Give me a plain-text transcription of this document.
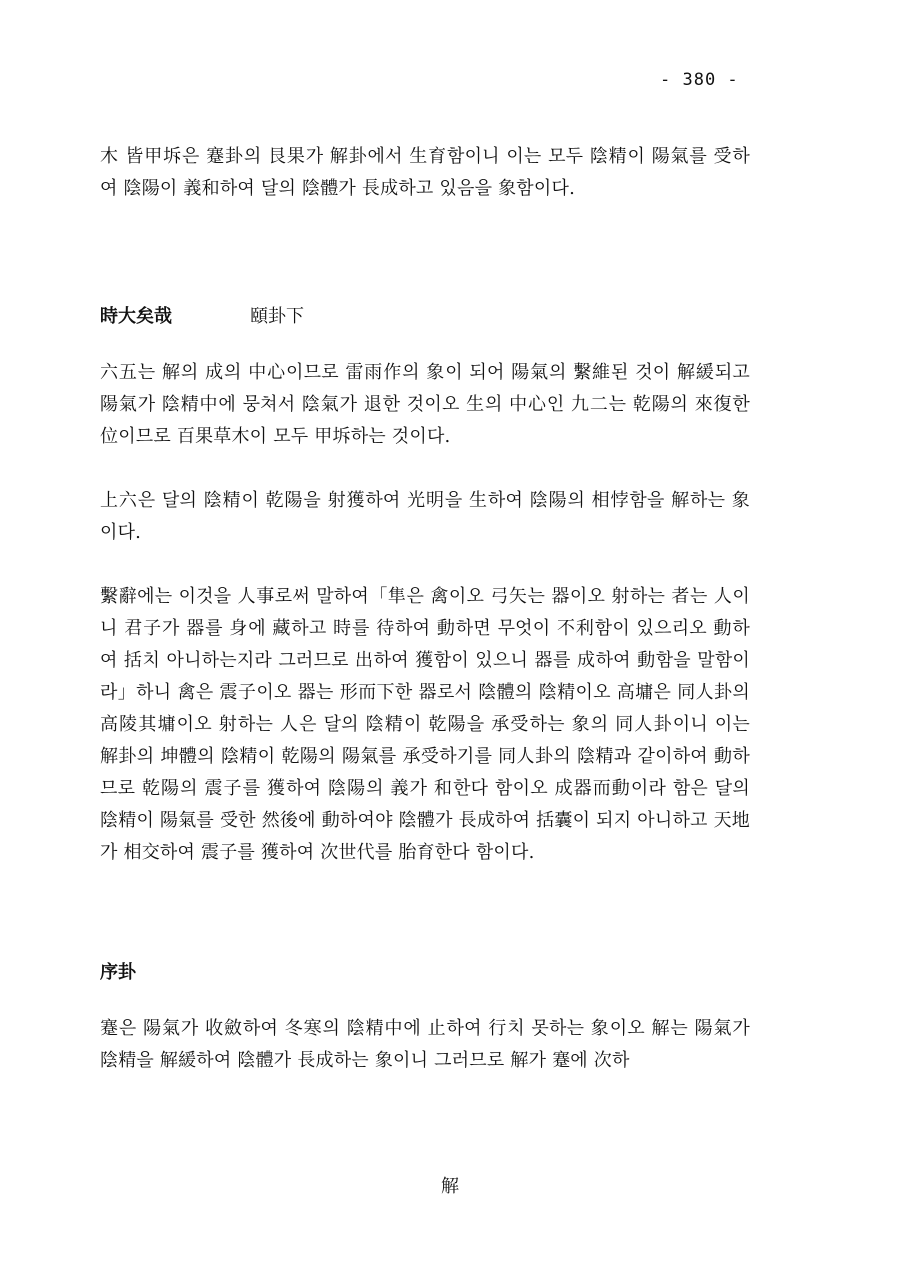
- 380 -

木 皆甲坼은 蹇卦의 艮果가 解卦에서 生育함이니 이는 모두 陰精이 陽氣를 受하여 陰陽이 義和하여 달의 陰體가 長成하고 있음을 象함이다.

時大矣哉	頤卦下

六五는 解의 成의 中心이므로 雷雨作의 象이 되어 陽氣의 繫維된 것이 解緩되고 陽氣가 陰精中에 뭉쳐서 陰氣가 退한 것이오 生의 中心인 九二는 乾陽의 來復한 位이므로 百果草木이 모두 甲坼하는 것이다.

上六은 달의 陰精이 乾陽을 射獲하여 光明을 生하여 陰陽의 相悖함을 解하는 象이다.

繫辭에는 이것을 人事로써 말하여「隼은 禽이오 弓矢는 器이오 射하는 者는 人이니 君子가 器를 身에 藏하고 時를 待하여 動하면 무엇이 不利함이 있으리오 動하여 括치 아니하는지라 그러므로 出하여 獲함이 있으니 器를 成하여 動함을 말함이라」하니 禽은 震子이오 器는 形而下한 器로서 陰體의 陰精이오 高墉은 同人卦의 高陵其墉이오 射하는 人은 달의 陰精이 乾陽을 承受하는 象의 同人卦이니 이는 解卦의 坤體의 陰精이 乾陽의 陽氣를 承受하기를 同人卦의 陰精과 같이하여 動하므로 乾陽의 震子를 獲하여 陰陽의 義가 和한다 함이오 成器而動이라 함은 달의 陰精이 陽氣를 受한 然後에 動하여야 陰體가 長成하여 括囊이 되지 아니하고 天地가 相交하여 震子를 獲하여 次世代를 胎育한다 함이다.

序卦

蹇은 陽氣가 收斂하여 冬寒의 陰精中에 止하여 行치 못하는 象이오 解는 陽氣가 陰精을 解緩하여 陰體가 長成하는 象이니 그러므로 解가 蹇에 次하

解
